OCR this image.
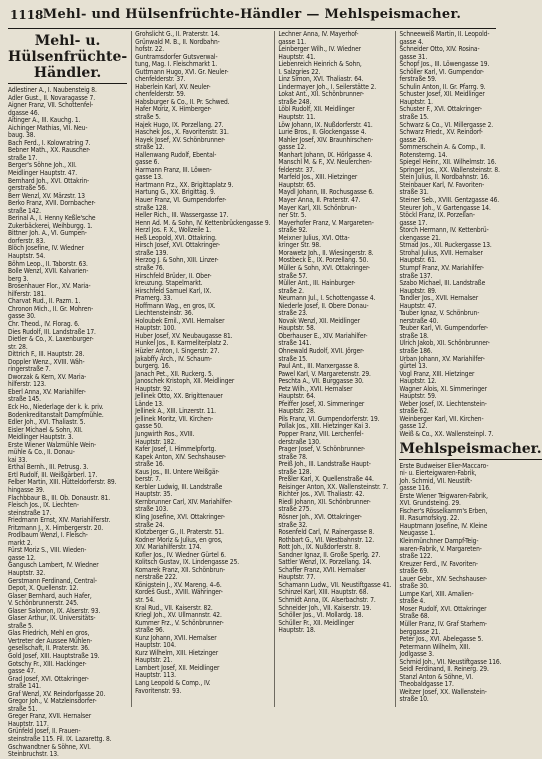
1118 Mehl- und Hülsenfrüchte-Händler — Mehlspeismacher.
Mehl- u. Hülsenfrüchte-Händler.
Adlestiner A., I. Naubensteig 8.
Adler Gust., II. Novaragasse 7.
Aigner Franz, VII. Schottenfel-
dgasse 46.
Aitinger A., III. Kauchg. 1.
Aichinger Mathias, VII. Neu-
baug. 38.
Bach Ferd., I. Kolowratring 7.
Bebner Math., XX. Rauscher-
straße 17.
Berger's Söhne Joh., XII.
Meidlinger Hauptstr. 47.
Bernhard Joh., XVI. Ottakrin-
gerstraße 56.
Berr Wenzl, XV. Märzstr. 13
Berko Franz, XVII. Dornbacher-
straße 142.
Berinal A., I. Henny Keßle'sche
Zukerbäckerei, Weihburgg. 1.
Bittner Joh. A., VI. Gumpen-
dorferstr. 83.
Blöch Josefine, IV. Wiedner
Hauptstr. 54.
Böhm Leop., II. Taborstr. 63.
Bolle Wenzl, XVII. Kalvarien-
berg 3.
Brosenhauer Flor., XV. Maria-
hilferstr. 181.
Charvat Rud., II. Pazm. 1.
Chronon Mich., II. Gr. Mohren-
gasse 30.
Chr. Theod., IV. Florag. 6.
Dies Rudolf, III. Landstraße 17.
Dietler & Co., X. Laxenburger-
str. 28.
Dittrich F., III. Hauptstr. 28.
Doppler Wenz., XVIII. Wäh-
ringerstraße 7.
Dworzak & Kern, XV. Maria-
hilferstr. 123.
Eberl Anna, XV. Mariahilfer-
straße 145.
Eck Ho., Niederlage der k. k. priv.
Bodenkreditanstalt Dampfmühle.
Edler Joh., XVI. Thaliastr. 5.
Eisler Michael & Sohn, XII.
Meidlinger Hauptstr. 3.
Erste Wiener Walzmühle Wein-
mühle & Co., II. Donau-
kai 33.
Erthal Bernh., III. Petrusg. 3.
Ertl Rudolf, III. Weißgärberl. 17.
Felber Martin, XIII. Hütteldorferstr. 89.
hingasse 39.
Flachbbaur B., III. Ob. Donaustr. 81.
Fleisch Jos., IX. Liechten-
steinstraße 17.
Friedmann Ernst, XIV. Mariahilferstr.
Fritzmann J., X. Himbergerstr. 20.
Frodlbaum Wenzl, I. Fleisch-
markt 2.
Fürst Moriz S., VIII. Wieden-
gasse 12.
Gangusch Lambert, IV. Wiedner
Hauptstr. 32.
Gerstmann Ferdinand, Central-
Depot, X. Quellenstr. 12.
Glaser Bernhard, auch Hafer,
V. Schönbrunnerstr. 245.
Glaser Salomon, IX. Alserstr. 93.
Glaser Arthur, IX. Universitäts-
straße 5.
Glas Friedrich, Mehl en gros,
Vertreter der Aussee Mühlen-
gesellschaft, II. Praterstr. 36.
Gold Josef, XIII. Hauptstraße 19.
Gotschy Fr., XIII. Hackinger-
gasse 47.
Grad Josef, XVI. Ottakringer-
straße 141.
Graf Wenzl, XV. Reindorfgasse 20.
Gregor Joh., V. Matzleinsdorfer-
straße 51.
Greger Franz, XVII. Hernalser
Hauptstr. 117.
Grünfeld Josef, II. Frauen-
steinstraße 115. Fil. IX. Lazarettg. 8.
Gschwandtner & Söhne, XVI.
Steinbruchstr. 13.
Grohslicht G., II. Praterstr. 14.
Grünwald M. B., II. Nordbahn-
hofstr. 22.
Guntramsdorfer Gutsverwal-
tung, Mag. I. Fleischmarkt 1.
Guttmann Hugo, XVI. Gr. Neuler-
chenfelderstr. 37.
Haberlein Karl, XV. Neuler-
chenfelderstr. 59.
Habsburger & Co., II. Pr. Schwed.
Hafer Moriz, X. Himberger-
straße 5.
Hajek Hugo, IX. Porzellang. 27.
Haschek Jos., X. Favoritenstr. 31.
Hayek Josef, XV. Schönbrunner-
straße 12.
Hallenwang Rudolf, Ebental-
gasse 6.
Harmann Franz, III. Löwen-
gasse 13.
Hartmann Frz., XX. Brigittaplatz 9.
Hartung G., XX. Brigittag. 9.
Hauer Franz, VI. Gumpendorfer-
straße 128.
Heller Rich., III. Wassergasse 17.
Henn Ad. M. & Sohn, IV. Kettenbrückengasse 9.
Herzl Jos. F. X., Wollzeile 1.
Heß Leopold, XVI. Ottakring.
Hirsch Josef, XVI. Ottakringer-
straße 139.
Herzog J. & Sohn, XIII. Linzer-
straße 76.
Hirschfeld Brüder, II. Ober-
kreuzung. Stapelmarkt.
Hirschfeld Samuel Karl, IX.
Pramerg. 33.
Hoffmann Wag., en gros, IX.
Liechtensteinstr. 36.
Holoubek Emil., XVII. Hernalser
Hauptstr. 100.
Huber Josef, XV. Neubaugasse 81.
Hunkel Jos., II. Karmeliterplatz 2.
Hüzler Anton, I. Singerstr. 27.
Jakabffy Ärch., IV. Schaum-
burgerg. 16.
Janach Pet., XII. Ruckerg. 5.
Janoschek Kristoph, XII. Meidlinger
Hauptstr. 92.
Jellinek Otto, XX. Brigittenauer
Lände 13.
Jellinek A., XIII. Linzerstr. 11.
Jellinek Moritz, VII. Kirchen-
gasse 50.
Jungwirth Ros., XVIII.
Hauptstr. 182.
Kafer Josef, I. Himmelpfortg.
Kapek Anton, XIV. Sechshauser-
straße 16.
Kaus Jos., III. Untere Weißgär-
berstr. 7.
Kerbler Ludwig, III. Landstraße
Hauptstr. 35.
Kernbrunner Carl, XIV. Mariahilfer-
straße 103.
Kling Josefine, XVI. Ottakringer-
straße 24.
Klotzberger G., II. Praterstr. 51.
Kodner Moriz & Julius, en gros,
XIV. Mariahilferstr. 174.
Kofler Jos., IV. Wiedner Gürtel 6.
Kolitsch Gustav, IX. Lindengasse 25.
Komarek Franz, XII. Schönbrun-
nerstraße 222.
Königstein J., XV. Mareng. 4–6.
Kordeš Gust., XVIII. Währinger-
str. 54.
Kral Rud., VII. Kaiserstr. 82.
Kriegl Joh., XV. Ullmannstr. 42.
Kummer Frz., V. Schönbrunner-
straße 96.
Kunz Johann, XVII. Hernalser
Hauptstr. 104.
Kurz Wilhelm, XIII. Hietzinger
Hauptstr. 21.
Lambert Josef, XII. Meidlinger
Hauptstr. 113.
Lang Leopold & Comp., IV.
Favoritenstr. 93.
Lechner Anna, IV. Mayerhof-
gasse 11.
Leinberger Wilh., IV. Wiedner
Hauptstr. 41.
Liebenreich Heinrich & Sohn,
I. Salzgries 22.
Linz Simon, XVI. Thaliastr. 64.
Lindermayer Joh., I. Seilerstätte 2.
Lokat Ant., XII. Schönbrunner-
straße 248.
Löbl Rudolf, XII. Meidlinger
Hauptstr. 11.
Löw Johann, IX. Nußdorferstr. 41.
Lurie Bros., II. Glockengasse 4.
Mahler Josef, XIV. Braunhirschen-
gasse 12.
Manhart Johann, IX. Hörlgasse 4.
Manschl M. & F., XV. Neulerchen-
felderstr. 37.
Marfeld Jos., XIII. Hietzinger
Hauptstr. 65.
Maydl Johann, III. Rochusgasse 6.
Mayer Anna, II. Praterstr. 47.
Mayer Karl, XII. Schönbrun-
ner Str. 5.
Mayerhofer Franz, V. Margareten-
straße 92.
Meixner Julius, XVI. Otta-
kringer Str. 98.
Morawetz Joh., II. Wiesingerstr. 8.
Mostbeck E., IX. Porzellang. 50.
Müller & Sohn, XVI. Ottakringer-
straße 57.
Müller Ant., III. Hainburger-
straße 2.
Neumann Jul., I. Schottengasse 4.
Niederle Josef, II. Obere Donau-
straße 23.
Novak Wenzl, XII. Meidlinger
Hauptstr. 58.
Oberhauser E., XIV. Mariahilfer-
straße 141.
Ohnewald Rudolf, XVII. Jörger-
straße 15.
Paul Ant., III. Marxergasse 8.
Pawel Karl, V. Margaretenstr. 29.
Peschta A., VII. Burggasse 30.
Petz Wilh., XVII. Hernalser
Hauptstr. 64.
Pfeiffer Josef, XI. Simmeringer
Hauptstr. 28.
Pils Franz, VI. Gumpendorferstr. 19.
Pollak Jos., XIII. Hietzinger Kai 3.
Popper Franz, VIII. Lerchenfel-
derstraße 130.
Prager Josef, V. Schönbrunner-
straße 78.
Preiß Joh., III. Landstraße Haupt-
straße 128.
Preßler Karl, X. Quellenstraße 44.
Reisinger Anton, XX. Wallensteinstr. 7.
Richter Jos., XVI. Thaliastr. 42.
Riedl Johann, XII. Schönbrunner-
straße 275.
Rösner Joh., XVI. Ottakringer-
straße 32.
Rosenfeld Carl, IV. Rainergasse 8.
Rothbart G., VII. Westbahnstr. 12.
Rott Joh., IX. Nußdorferstr. 8.
Sandner Ignaz, II. Große Sperlg. 27.
Sattler Wenzl, IX. Porzellang. 14.
Schaffer Franz, XVII. Hernalser
Hauptstr. 77.
Schamann Ludw., VII. Neustiftgasse 41.
Schinzel Karl, XIII. Hauptstr. 68.
Schmidt Anna, IX. Alserbachstr. 7.
Schneider Joh., VII. Kaiserstr. 19.
Schöller Jos., VI. Mollardg. 18.
Schüller Fr., XII. Meidlinger
Hauptstr. 18.
Schneeweiß Martin, II. Leopold-
gasse 4.
Schneider Otto, XIV. Rosina-
gasse 31.
Schopf Jos., III. Löwengasse 19.
Schöller Karl, VI. Gumpendor-
ferstraße 59.
Schulin Anton, II. Gr. Pfarrg. 9.
Schuster Josef, XII. Meidlinger
Hauptstr. 1.
Schuster F., XVI. Ottakringer-
straße 15.
Schwarz & Co., VI. Millergasse 2.
Schwarz Friedr., XV. Reindorf-
gasse 26.
Sommerschein A. & Comp., II.
Rotensterng. 14.
Spiegel Heinr., XII. Wilhelmstr. 16.
Springer Jos., XX. Wallensteinstr. 8.
Stein Julius, II. Nordbahnstr. 16.
Steinbauer Karl, IV. Favoriten-
straße 31.
Steiner Seb., XVIII. Gentzgasse 46.
Steurer Joh., V. Gartengasse 14.
Stöckl Franz, IX. Porzellan-
gasse 17.
Storch Hermann, IV. Kettenbrü-
ckengasse 21.
Strnad Jos., XII. Ruckergasse 13.
Strohal Julius, XVII. Hernalser
Hauptstr. 61.
Stumpf Franz, XV. Mariahilfer-
straße 137.
Szabo Michael, III. Landstraße
Hauptstr. 89.
Tandler Jos., XVII. Hernalser
Hauptstr. 47.
Tauber Ignaz, V. Schönbrun-
nerstraße 40.
Teuber Karl, VI. Gumpendorfer-
straße 18.
Ulrich Jakob, XII. Schönbrunner-
straße 186.
Urban Johann, XV. Mariahilfer-
gürtel 13.
Vogl Franz, XIII. Hietzinger
Hauptstr. 12.
Wagner Alois, XI. Simmeringer
Hauptstr. 59.
Weber Josef, IX. Liechtenstein-
straße 62.
Weinberger Karl, VII. Kirchen-
gasse 12.
Weiß & Co., XX. Wallensteinpl. 7.
Mehlspeismacher.
Erste Budweiser Elier-Maccaro-
ni- u. Eierteigwaren-Fabrik,
Joh. Schmid, VII. Neustift-
gasse 116.
Erste Wiener Teigwaren-Fabrik,
XVI. Grundsteing. 29.
Fischer's Rösselkamm's Erben,
III. Rasumofskyg. 22.
Hauptmann Josefine, IV. Kleine
Neugasse 1.
Kleinmünchner Dampf-Teig-
waren-Fabrik, V. Margareten-
straße 122.
Kreuzer Ferd., IV. Favoriten-
straße 69.
Lauer Gebr., XIV. Sechshauser-
straße 30.
Lumpe Karl, XIII. Amalien-
straße 4.
Moser Rudolf, XVI. Ottakringer
Straße 68.
Müller Franz, IV. Graf Starhem-
berggasse 21.
Peter Jos., XVI. Abelegasse 5.
Petermann Wilhelm, XIII.
Jodlgasse 3.
Schmid Joh., VII. Neustiftgasse 116.
Seidl Ferdinand, II. Reinerg. 29.
Stanzl Anton & Söhne, VI.
Theobaldgasse 17.
Weitzer Josef, XX. Wallenstein-
straße 10.
